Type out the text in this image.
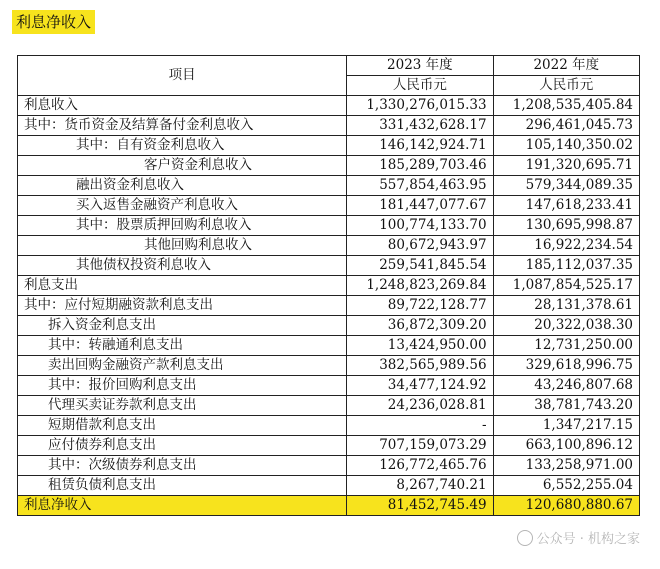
利息净收入
项目	2023 年度	2022 年度
	人民币元	人民币元
利息收入	1,330,276,015.33	1,208,535,405.84
其中：货币资金及结算备付金利息收入	331,432,628.17	296,461,045.73
其中：自有资金利息收入	146,142,924.71	105,140,350.02
客户资金利息收入	185,289,703.46	191,320,695.71
融出资金利息收入	557,854,463.95	579,344,089.35
买入返售金融资产利息收入	181,447,077.67	147,618,233.41
其中：股票质押回购利息收入	100,774,133.70	130,695,998.87
其他回购利息收入	80,672,943.97	16,922,234.54
其他债权投资利息收入	259,541,845.54	185,112,037.35
利息支出	1,248,823,269.84	1,087,854,525.17
其中：应付短期融资款利息支出	89,722,128.77	28,131,378.61
拆入资金利息支出	36,872,309.20	20,322,038.30
其中：转融通利息支出	13,424,950.00	12,731,250.00
卖出回购金融资产款利息支出	382,565,989.56	329,618,996.75
其中：报价回购利息支出	34,477,124.92	43,246,807.68
代理买卖证券款利息支出	24,236,028.81	38,781,743.20
短期借款利息支出	-	1,347,217.15
应付债券利息支出	707,159,073.29	663,100,896.12
其中：次级债券利息支出	126,772,465.76	133,258,971.00
租赁负债利息支出	8,267,740.21	6,552,255.04
利息净收入	81,452,745.49	120,680,880.67
公众号 · 机构之家
